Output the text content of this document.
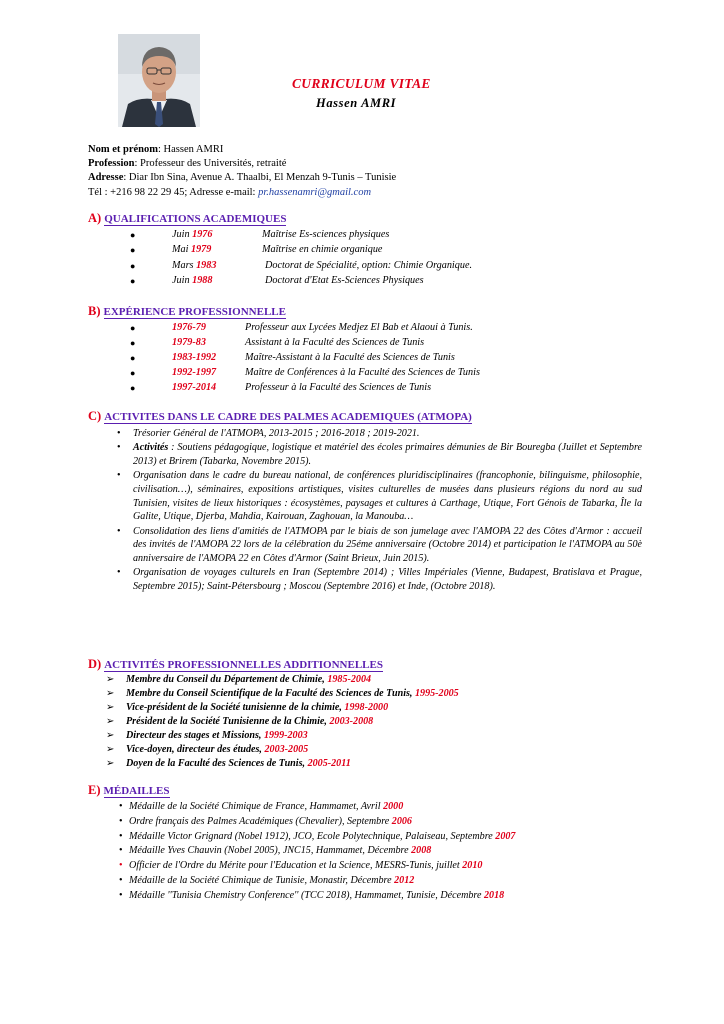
CURRICULUM VITAE
Hassen AMRI
Nom et prénom: Hassen AMRI
Profession: Professeur des Universités, retraité
Adresse: Diar Ibn Sina, Avenue A. Thaalbi, El Menzah 9-Tunis – Tunisie
Tél : +216 98 22 29 45; Adresse e-mail: pr.hassenamri@gmail.com
A) QUALIFICATIONS ACADEMIQUES
●	Juin 1976	Maîtrise Es-sciences physiques
●	Mai 1979	Maîtrise en chimie organique
●	Mars 1983	Doctorat de Spécialité, option: Chimie Organique.
●	Juin 1988	Doctorat d'Etat Es-Sciences Physiques
B) EXPÉRIENCE PROFESSIONNELLE
●	1976-79	Professeur aux Lycées Medjez El Bab et Alaoui à Tunis.
●	1979-83	Assistant à la Faculté des Sciences de Tunis
●	1983-1992	Maître-Assistant à la Faculté des Sciences de Tunis
●	1992-1997	Maître de Conférences à la Faculté des Sciences de Tunis
●	1997-2014	Professeur à la Faculté des Sciences de Tunis
C) ACTIVITES DANS LE CADRE DES PALMES ACADEMIQUES (ATMOPA)
• Trésorier Général de l'ATMOPA, 2013-2015 ; 2016-2018 ; 2019-2021.
• Activités : Soutiens pédagogique, logistique et matériel des écoles primaires démunies de Bir Bouregba (Juillet et Septembre 2013) et Brirem (Tabarka, Novembre 2015).
• Organisation dans le cadre du bureau national, de conférences pluridisciplinaires (francophonie, bilinguisme, philosophie, civilisation…), séminaires, expositions artistiques, visites culturelles de musées dans plusieurs régions du nord au sud Tunisien, visites de lieux historiques : écosystèmes, paysages et cultures à Carthage, Utique, Fort Génois de Tabarka, Île la Galite, Utique, Djerba, Mahdia, Kairouan, Zaghouan, la Manouba…
• Consolidation des liens d'amitiés de l'ATMOPA par le biais de son jumelage avec l'AMOPA 22 des Côtes d'Armor : accueil des invités de l'AMOPA 22 lors de la célébration du 25éme anniversaire (Octobre 2014) et participation le l'ATMOPA au 50è anniversaire de l'AMOPA 22 en Côtes d'Armor (Saint Brieux, Juin 2015).
• Organisation de voyages culturels en Iran (Septembre 2014) ; Villes Impériales (Vienne, Budapest, Bratislava et Prague, Septembre 2015); Saint-Pétersbourg ; Moscou (Septembre 2016) et Inde, (Octobre 2018).
D) ACTIVITÉS PROFESSIONNELLES ADDITIONNELLES
➢ Membre du Conseil du Département de Chimie, 1985-2004
➢ Membre du Conseil Scientifique de la Faculté des Sciences de Tunis, 1995-2005
➢ Vice-président de la Société tunisienne de la chimie, 1998-2000
➢ Président de la Société Tunisienne de la Chimie, 2003-2008
➢ Directeur des stages et Missions, 1999-2003
➢ Vice-doyen, directeur des études, 2003-2005
➢ Doyen de la Faculté des Sciences de Tunis, 2005-2011
E) MÉDAILLES
• Médaille de la Société Chimique de France, Hammamet, Avril 2000
• Ordre français des Palmes Académiques (Chevalier), Septembre 2006
• Médaille Victor Grignard (Nobel 1912), JCO, Ecole Polytechnique, Palaiseau, Septembre 2007
• Médaille Yves Chauvin (Nobel 2005), JNC15, Hammamet, Décembre 2008
• Officier de l'Ordre du Mérite pour l'Education et la Science, MESRS-Tunis, juillet 2010
• Médaille de la Société Chimique de Tunisie, Monastir, Décembre 2012
• Médaille ''Tunisia Chemistry Conference'' (TCC 2018), Hammamet, Tunisie, Décembre 2018
